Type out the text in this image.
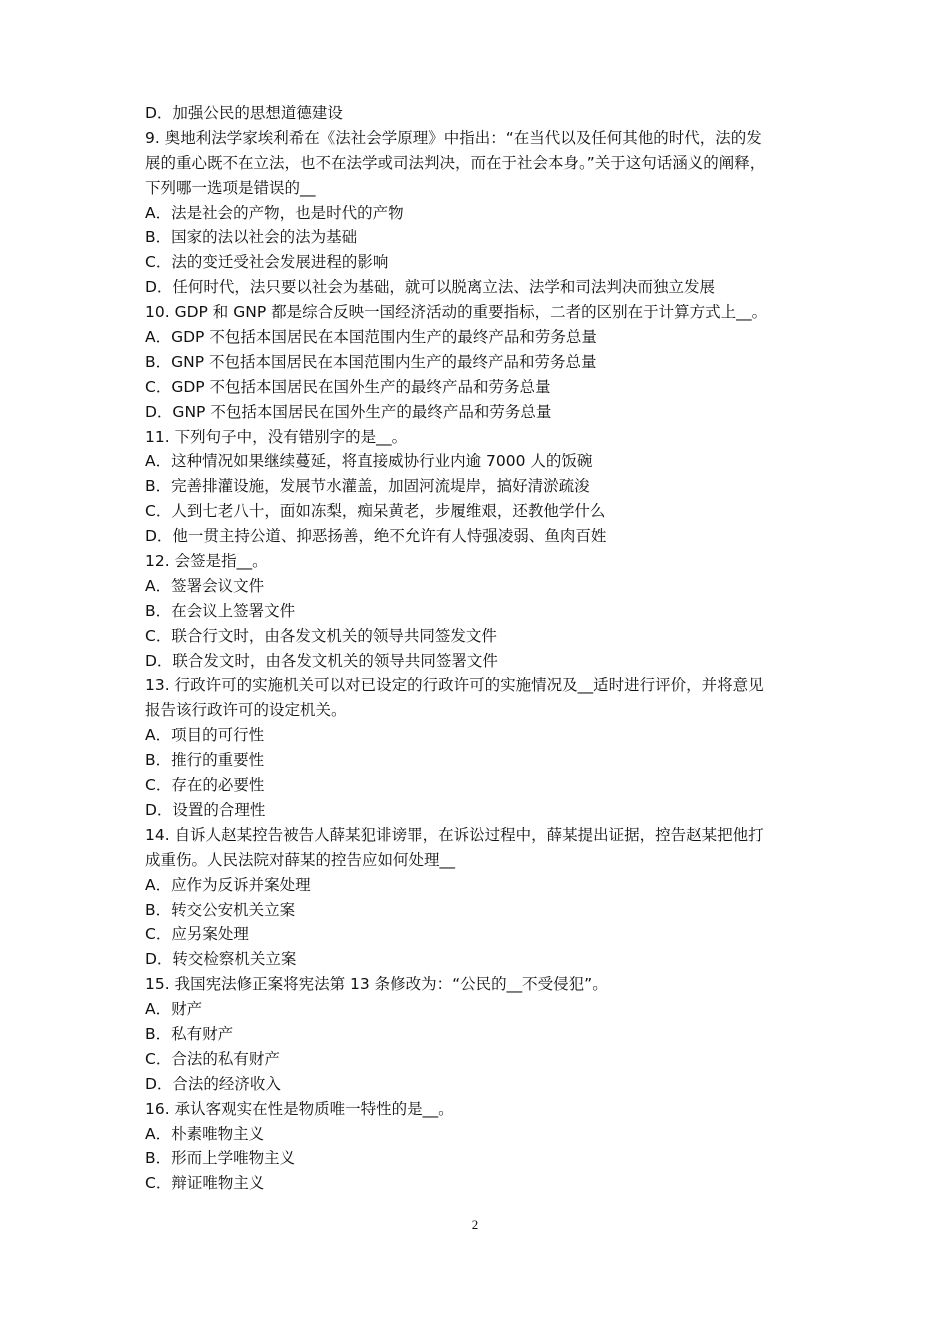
D．加强公民的思想道德建设
9. 奥地利法学家埃利希在《法社会学原理》中指出：“在当代以及任何其他的时代，法的发
展的重心既不在立法，也不在法学或司法判决，而在于社会本身。”关于这句话涵义的阐释，
下列哪一选项是错误的__
A．法是社会的产物，也是时代的产物
B．国家的法以社会的法为基础
C．法的变迁受社会发展进程的影响
D．任何时代，法只要以社会为基础，就可以脱离立法、法学和司法判决而独立发展
10. GDP 和 GNP 都是综合反映一国经济活动的重要指标，二者的区别在于计算方式上__。
A．GDP 不包括本国居民在本国范围内生产的最终产品和劳务总量
B．GNP 不包括本国居民在本国范围内生产的最终产品和劳务总量
C．GDP 不包括本国居民在国外生产的最终产品和劳务总量
D．GNP 不包括本国居民在国外生产的最终产品和劳务总量
11. 下列句子中，没有错别字的是__。
A．这种情况如果继续蔓延，将直接威协行业内逾 7000 人的饭碗
B．完善排灌设施，发展节水灌盖，加固河流堤岸，搞好清淤疏浚
C．人到七老八十，面如冻梨，痴呆黄老，步履维艰，还教他学什么
D．他一贯主持公道、抑恶扬善，绝不允许有人恃强凌弱、鱼肉百姓
12. 会签是指__。
A．签署会议文件
B．在会议上签署文件
C．联合行文时，由各发文机关的领导共同签发文件
D．联合发文时，由各发文机关的领导共同签署文件
13. 行政许可的实施机关可以对已设定的行政许可的实施情况及__适时进行评价，并将意见
报告该行政许可的设定机关。
A．项目的可行性
B．推行的重要性
C．存在的必要性
D．设置的合理性
14. 自诉人赵某控告被告人薛某犯诽谤罪，在诉讼过程中，薛某提出证据，控告赵某把他打
成重伤。人民法院对薛某的控告应如何处理__
A．应作为反诉并案处理
B．转交公安机关立案
C．应另案处理
D．转交检察机关立案
15. 我国宪法修正案将宪法第 13 条修改为：“公民的__不受侵犯”。
A．财产
B．私有财产
C．合法的私有财产
D．合法的经济收入
16. 承认客观实在性是物质唯一特性的是__。
A．朴素唯物主义
B．形而上学唯物主义
C．辩证唯物主义
2
